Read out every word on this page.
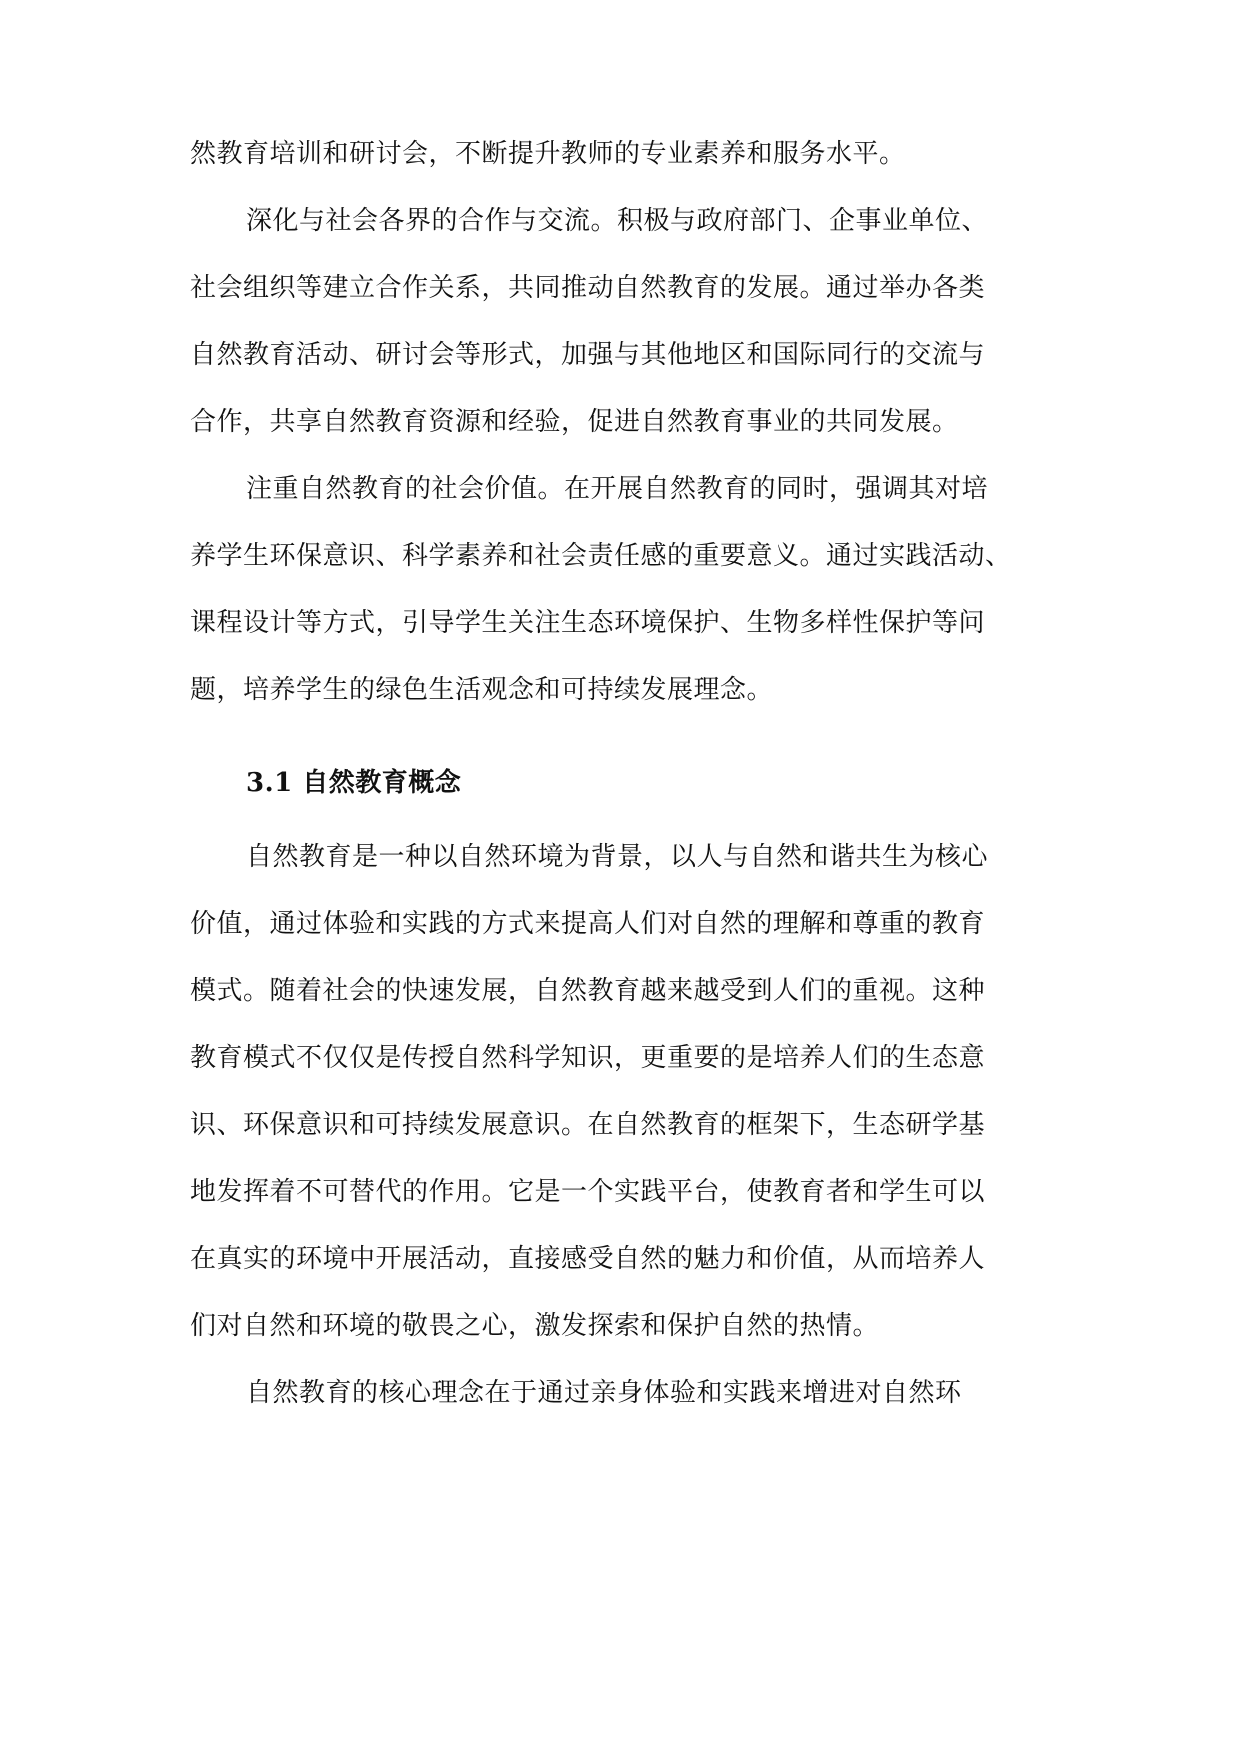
然教育培训和研讨会，不断提升教师的专业素养和服务水平。
深化与社会各界的合作与交流。积极与政府部门、企事业单位、
社会组织等建立合作关系，共同推动自然教育的发展。通过举办各类
自然教育活动、研讨会等形式，加强与其他地区和国际同行的交流与
合作，共享自然教育资源和经验，促进自然教育事业的共同发展。
注重自然教育的社会价值。在开展自然教育的同时，强调其对培
养学生环保意识、科学素养和社会责任感的重要意义。通过实践活动、
课程设计等方式，引导学生关注生态环境保护、生物多样性保护等问
题，培养学生的绿色生活观念和可持续发展理念。
3.1 自然教育概念
自然教育是一种以自然环境为背景，以人与自然和谐共生为核心
价值，通过体验和实践的方式来提高人们对自然的理解和尊重的教育
模式。随着社会的快速发展，自然教育越来越受到人们的重视。这种
教育模式不仅仅是传授自然科学知识，更重要的是培养人们的生态意
识、环保意识和可持续发展意识。在自然教育的框架下，生态研学基
地发挥着不可替代的作用。它是一个实践平台，使教育者和学生可以
在真实的环境中开展活动，直接感受自然的魅力和价值，从而培养人
们对自然和环境的敬畏之心，激发探索和保护自然的热情。
自然教育的核心理念在于通过亲身体验和实践来增进对自然环
